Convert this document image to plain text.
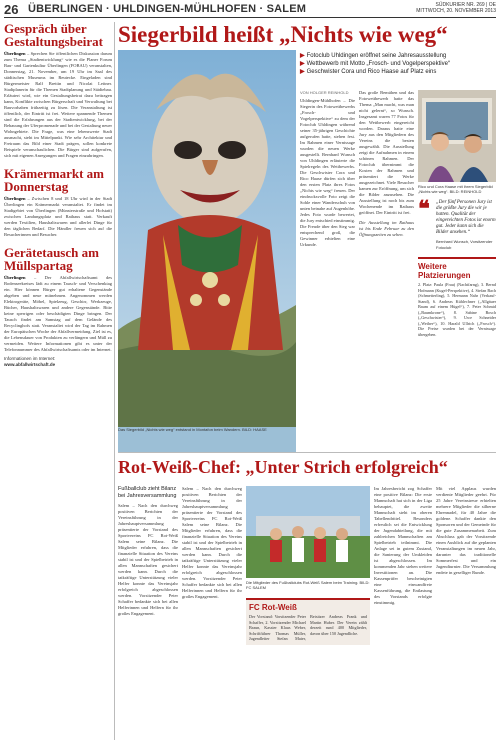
26 ÜBERLINGEN · UHLDINGEN-MÜHLHOFEN · SALEM	SÜDKURIER NR. 269 | OE
MITTWOCH, 20. NOVEMBER 2013
Gespräch über Gestaltungsbeirat
Überlingen – Sprechen Sie öffentlichen Diskussion darum zum Thema „Stadtentwicklung“ wie es die Planer Forum Bau- und Gartenkultur Überlingen (FOBAU) veranstalten, Donnerstag, 21. November, um 19 Uhr im Saal des städtischen Museums im Reutecke. Eingeladen sind Bürgermeister Ralf Brettin und Nicolai Leitner. Stadtplanerin für die Themen Stadtplanung und Städtebau. Erläutert wird, wie ein Gestaltungsbeirat dazu beitragen kann, Konflikte zwischen Bürgerschaft und Verwaltung bei Bauvorhaben frühzeitig zu lösen. Die Veranstaltung ist öffentlich, der Eintritt ist frei. Weitere spannende Themen sind die Erfahrungen aus der Stadtentwicklung, bei der Bebauung der Uferpromenade und bei der Gestaltung neuer Wohngebiete. Die Frage, was eine lebenswerte Stadt ausmacht, steht im Mittelpunkt. Wie sehr Architektur und Freiraum das Bild einer Stadt prägen, sollen konkrete Beispiele veranschaulichen. Die Bürger sind aufgerufen, sich mit eigenen Anregungen und Fragen einzubringen.
Krämermarkt am Donnerstag
Überlingen – Zwischen 8 und 18 Uhr wird in der Stadt Überlingen ein Krämermarkt veranstaltet. Er findet im Stadtgebiet von Überlingen (Münsterstraße und Hofstatt) zwischen Landungsplatz und Rathaus statt. Verkauft werden Textilien, Haushaltswaren und allerlei Dinge für den täglichen Bedarf. Die Händler freuen sich auf die Besucherinnen und Besucher.
Gerätetausch am Müllspartag
Überlingen – Der Abfallwirtschaftsamt des Bodenseekreises lädt zu einem Tausch- und Verschenktag ein. Hier können Bürger gut erhaltene Gegenstände abgeben und neue mitnehmen. Angenommen werden Elektrogeräte, Möbel, Spielzeug, Geschirr, Werkzeuge, Bücher, Haushaltswaren und andere Gegenstände. Bitte keine sperrigen oder beschädigten Dinge bringen. Der Tausch findet am Samstag auf dem Gelände des Recyclinghofs statt. Veranstaltet wird der Tag im Rahmen der Europäischen Woche der Abfallvermeidung. Ziel ist es, die Lebensdauer von Produkten zu verlängern und Müll zu vermeiden. Weitere Informationen gibt es unter der Telefonnummer des Abfallwirtschaftsamts oder im Internet.
Informationen im Internet:
www.abfallwirtschaft.de
Siegerbild heißt „Nichts wie weg“
▶ Fotoclub Uhldingen eröffnet seine Jahresausstellung
▶ Wettbewerb mit Motto „Frosch- und Vogelperspektive“
▶ Geschwister Cora und Rico Haase auf Platz eins
Das Siegerbild „Nichts wie weg“ entstand in Montafon beim Wandern. BILD: HAASE
VON HOLGER REINHOLD
Uhldingen-Mühlhofen – Die Siegerin des Fotowettbewerbs „Frosch- und Vogelperspektive“ zu dem der Fotoclub Uhldingen während seiner 35-jährigen Geschichte aufgerufen hatte, stehen fest. Im Rahmen einer Vernissage wurden die neuen Werke ausgestellt. Bernhard Wunsch von Uhldingen erläuterte die Spielregeln des Wettbewerbs. Die Geschwister Cora und Rico Haase dürfen sich über den ersten Platz ihres Fotos „Nichts wie weg“ freuen. Der eindrucksvolle Foto zeigt die Sohle einer Wanderschuh von unten beinahe auf Augenhöhe. Jedes Foto wurde bewertet, die Jury entschied einstimmig. Die Freude über den Sieg war entsprechend groß, die Gewinner erhielten eine Urkunde.
Das große Bemühen und das Fotowettbewerb hatte das Thema „Man macht, was man nicht gelernt“, so Wunsch. Insgesamt waren 77 Fotos für den Wettbewerb eingereicht worden. Daraus hatte eine Jury aus den Mitgliedern des Vereins die besten ausgewählt. Die Ausstellung zeigt die Aufnahmen in einem schönen Rahmen. Der Fotoclub übernimmt die Kosten der Rahmen und präsentiert die Werke ausgezeichnet. Viele Besucher kamen zur Eröffnung, um sich die Bilder anzusehen. Die Ausstellung ist noch bis zum Wochenende im Rathaus geöffnet. Der Eintritt ist frei.
Die Ausstellung im Rathaus ist bis Ende Februar zu den Öffnungszeiten zu sehen.
Rico und Cora Haase mit ihrem Siegerbild „Nichts wie weg“. BILD: REINHOLD
❝ „Der fünf Personen Jury ist die größte Jury die wir je hatten. Qualität der eingereichten Fotos ist enorm gut. Jeder kann sich die Bilder ansehen.“
Bernhard Wunsch, Vorsitzender Fotoclub
Weitere Platzierungen
2. Platz: Paula (Frau) (Nachtfarng), 3. Bernd Hofmann (Kugel-Perspektive), 4. Stefan Bach (Schmetterling), 5. Hermann Nahr (Verkauf-Stand), 6. Andreas Kühlechner („Allgäuer Baum auf einem Hügel“), 7. Peter Schmid („Baumkrone“), 8. Sabine Bosch („Geschwister“), 9. Uwe Schneider („Weiher“), 10. Harald Ullrich („Frosch“). Die Preise wurden bei der Vernissage übergeben.
Rot-Weiß-Chef: „Unter Strich erfolgreich“
Fußballclub zieht Bilanz
bei Jahresversammlung
Salem – Nach den durchweg positiven Berichten der Vereinsführung in der Jahreshauptversammlung präsentierte der Vorstand des Sportvereins FC Rot-Weiß Salem seine Bilanz. Die Mitglieder erfuhren, dass die finanzielle Situation des Vereins stabil ist und der Spielbetrieb in allen Mannschaften gesichert werden kann. Durch die tatkräftige Unterstützung vieler Helfer konnte das Vereinsjahr erfolgreich abgeschlossen werden. Vorsitzender Peter Schaffer bedankte sich bei allen Helferinnen und Helfern für ihr großes Engagement.
Salem – Nach den durchweg positiven Berichten der Vereinsführung in der Jahreshauptversammlung präsentierte der Vorstand des Sportvereins FC Rot-Weiß Salem seine Bilanz. Die Mitglieder erfuhren, dass die finanzielle Situation des Vereins stabil ist und der Spielbetrieb in allen Mannschaften gesichert werden kann. Durch die tatkräftige Unterstützung vieler Helfer konnte das Vereinsjahr erfolgreich abgeschlossen werden. Vorsitzender Peter Schaffer bedankte sich bei allen Helferinnen und Helfern für ihr großes Engagement.
Die Mitglieder des Fußballclubs Rot-Weiß Salem beim Training. BILD: FC SALEM
FC Rot-Weiß
Der Vorstand: Vorsitzender Peter Schaffer, 2. Vorsitzender Michael Braun, Kassier Klaus Weber, Schriftführer Thomas Müller, Jugendleiter Stefan Maier, Beisitzer Andreas Frank und Martin Huber. Der Verein zählt derzeit rund 400 Mitglieder, davon über 150 Jugendliche.
Im Jahresbericht zog Schaffer eine positive Bilanz: Die erste Mannschaft hat sich in der Liga behauptet, die zweite Mannschaft steht im oberen Tabellendrittel. Besonders erfreulich sei die Entwicklung der Jugendabteilung, die mit zahlreichen Mannschaften am Spielbetrieb teilnimmt. Die Anlage sei in gutem Zustand, die Sanierung der Umkleiden ist abgeschlossen. Im kommenden Jahr stehen weitere Investitionen an. Die Kassenprüfer bescheinigten eine einwandfreie Kassenführung, die Entlastung des Vorstands erfolgte einstimmig.
Mit viel Applaus wurden verdiente Mitglieder geehrt. Für 25 Jahre Vereinstreue erhielten mehrere Mitglieder die silberne Ehrennadel, für 40 Jahre die goldene. Schaffer dankte den Sponsoren und der Gemeinde für die gute Zusammenarbeit. Zum Abschluss gab der Vorsitzende einen Ausblick auf die geplanten Veranstaltungen im neuen Jahr, darunter das traditionelle Sommerfest und ein Jugendturnier. Die Versammlung endete in geselliger Runde.
